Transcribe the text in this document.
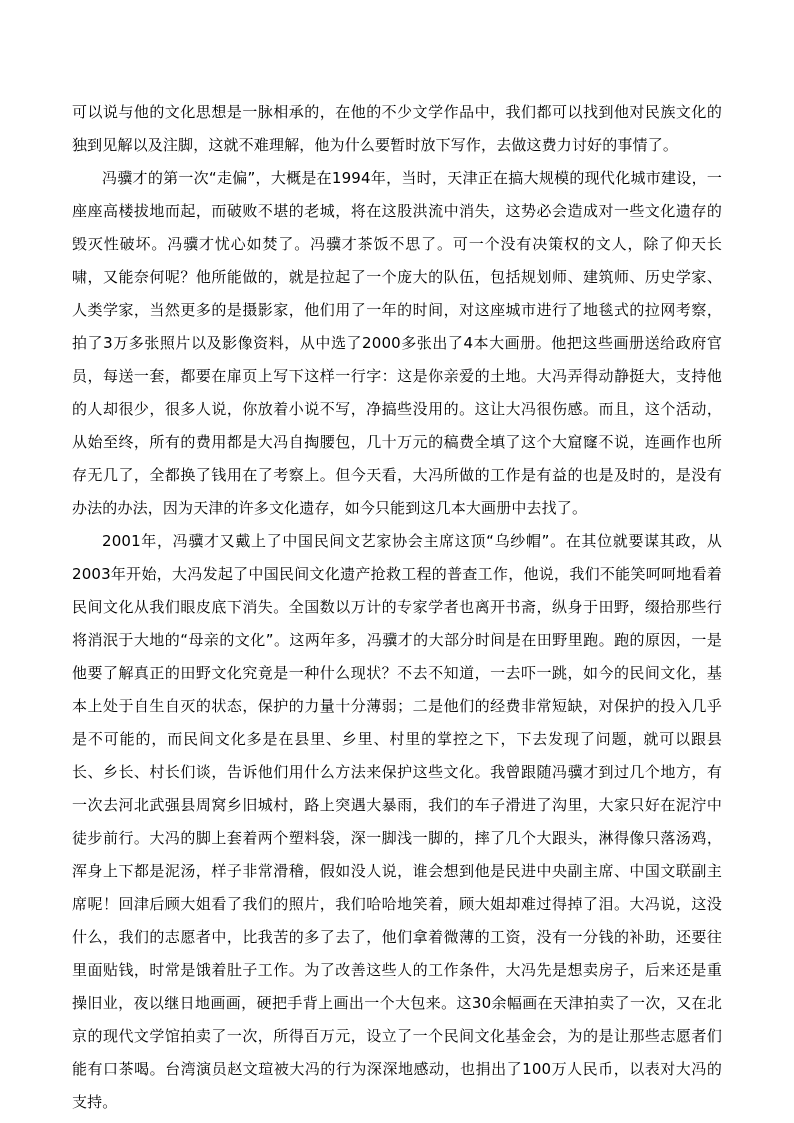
可以说与他的文化思想是一脉相承的，在他的不少文学作品中，我们都可以找到他对民族文化的独到见解以及注脚，这就不难理解，他为什么要暂时放下写作，去做这费力讨好的事情了。

冯骥才的第一次“走偏”，大概是在1994年，当时，天津正在搞大规模的现代化城市建设，一座座高楼拔地而起，而破败不堪的老城，将在这股洪流中消失，这势必会造成对一些文化遗存的毁灭性破坏。冯骥才忧心如焚了。冯骥才茶饭不思了。可一个没有决策权的文人，除了仰天长啸，又能奈何呢？他所能做的，就是拉起了一个庞大的队伍，包括规划师、建筑师、历史学家、人类学家，当然更多的是摄影家，他们用了一年的时间，对这座城市进行了地毯式的拉网考察，拍了3万多张照片以及影像资料，从中选了2000多张出了4本大画册。他把这些画册送给政府官员，每送一套，都要在扉页上写下这样一行字：这是你亲爱的土地。大冯弄得动静挺大，支持他的人却很少，很多人说，你放着小说不写，净搞些没用的。这让大冯很伤感。而且，这个活动，从始至终，所有的费用都是大冯自掏腰包，几十万元的稿费全填了这个大窟窿不说，连画作也所存无几了，全都换了钱用在了考察上。但今天看，大冯所做的工作是有益的也是及时的，是没有办法的办法，因为天津的许多文化遗存，如今只能到这几本大画册中去找了。

2001年，冯骥才又戴上了中国民间文艺家协会主席这顶“乌纱帽”。在其位就要谋其政，从2003年开始，大冯发起了中国民间文化遗产抢救工程的普查工作，他说，我们不能笑呵呵地看着民间文化从我们眼皮底下消失。全国数以万计的专家学者也离开书斋，纵身于田野，缀拾那些行将消泯于大地的“母亲的文化”。这两年多，冯骥才的大部分时间是在田野里跑。跑的原因，一是他要了解真正的田野文化究竟是一种什么现状？不去不知道，一去吓一跳，如今的民间文化，基本上处于自生自灭的状态，保护的力量十分薄弱；二是他们的经费非常短缺，对保护的投入几乎是不可能的，而民间文化多是在县里、乡里、村里的掌控之下，下去发现了问题，就可以跟县长、乡长、村长们谈，告诉他们用什么方法来保护这些文化。我曾跟随冯骥才到过几个地方，有一次去河北武强县周窝乡旧城村，路上突遇大暴雨，我们的车子滑进了沟里，大家只好在泥泞中徒步前行。大冯的脚上套着两个塑料袋，深一脚浅一脚的，摔了几个大跟头，淋得像只落汤鸡，浑身上下都是泥汤，样子非常滑稽，假如没人说，谁会想到他是民进中央副主席、中国文联副主席呢！回津后顾大姐看了我们的照片，我们哈哈地笑着，顾大姐却难过得掉了泪。大冯说，这没什么，我们的志愿者中，比我苦的多了去了，他们拿着微薄的工资，没有一分钱的补助，还要往里面贴钱，时常是饿着肚子工作。为了改善这些人的工作条件，大冯先是想卖房子，后来还是重操旧业，夜以继日地画画，硬把手背上画出一个大包来。这30余幅画在天津拍卖了一次，又在北京的现代文学馆拍卖了一次，所得百万元，设立了一个民间文化基金会，为的是让那些志愿者们能有口茶喝。台湾演员赵文瑄被大冯的行为深深地感动，也捐出了100万人民币，以表对大冯的支持。
